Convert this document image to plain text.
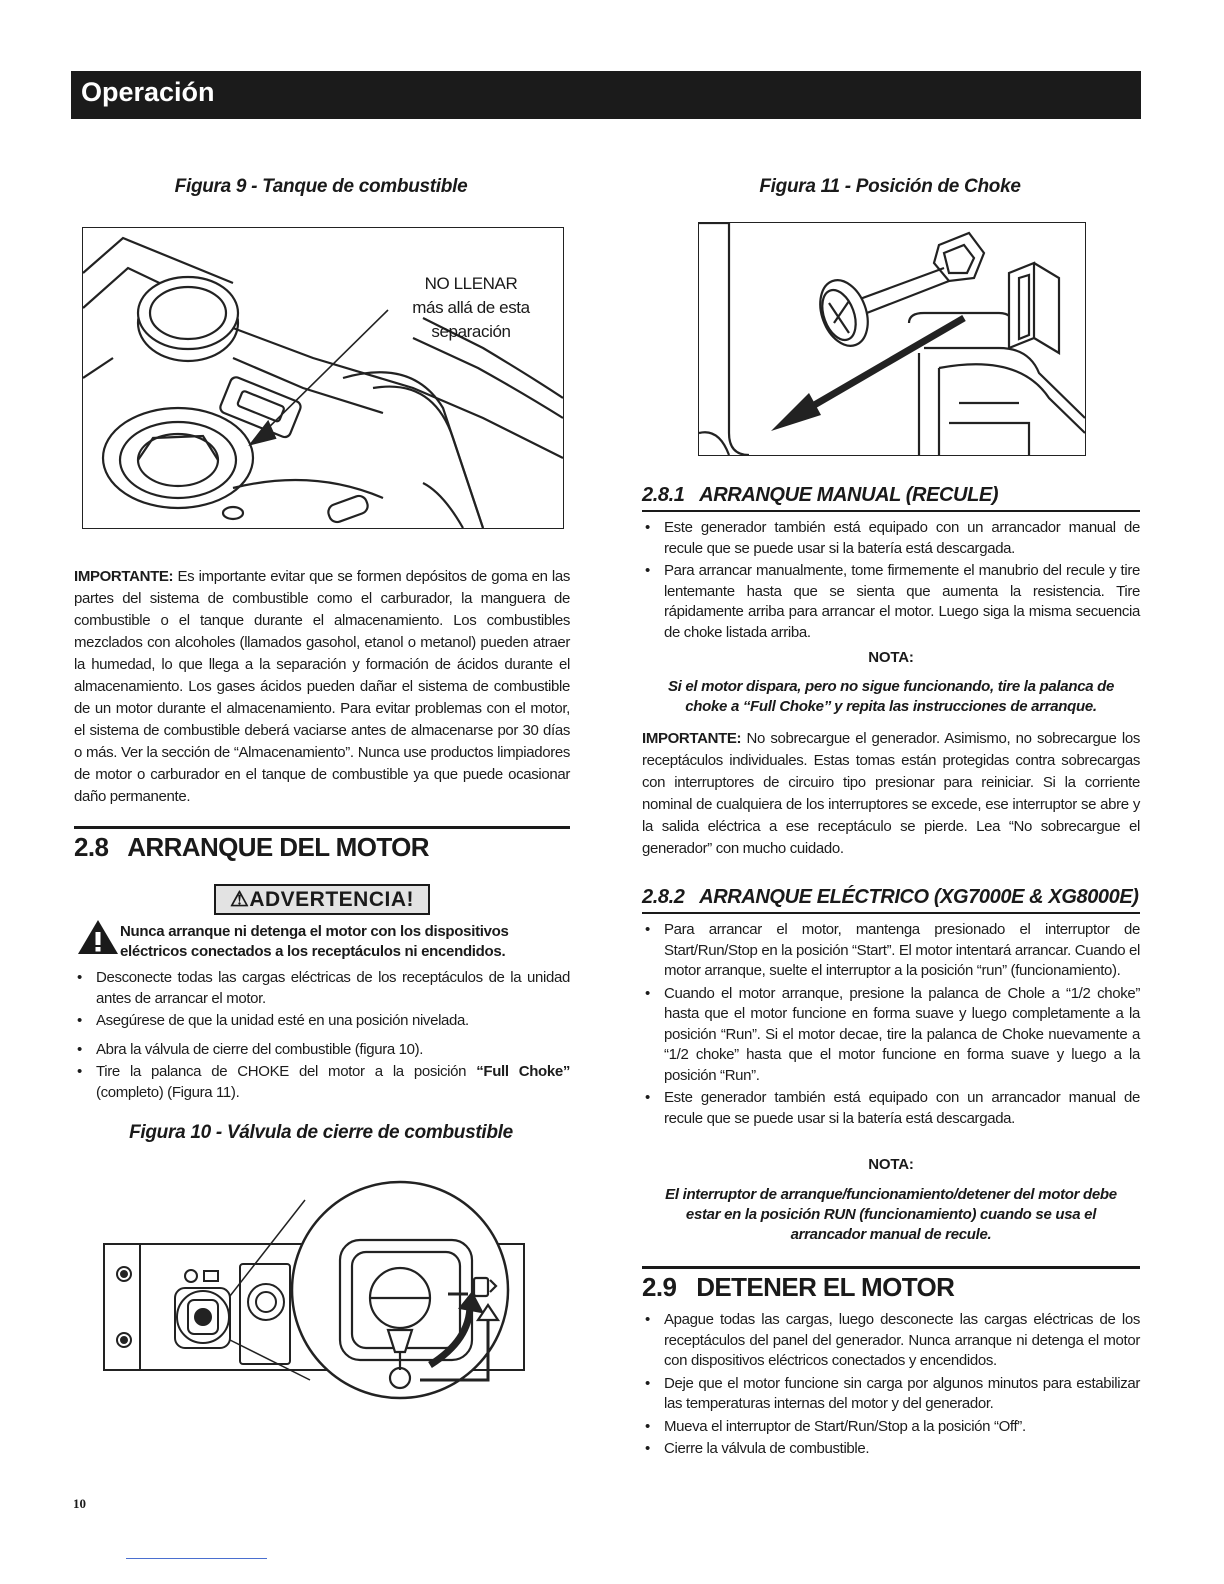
Operación
Figura 9 - Tanque de combustible
NO LLENAR
más allá de esta
separación
IMPORTANTE: Es importante evitar que se formen depósitos de goma en las partes del sistema de combustible como el carburador, la manguera de combustible o el tanque durante el almacenamiento. Los combustibles mezclados con alcoholes (llamados gasohol, etanol o metanol) pueden atraer la humedad, lo que llega a la separación y formación de ácidos durante el almacenamiento. Los gases ácidos pueden dañar el sistema de combustible de un motor durante el almacenamiento. Para evitar problemas con el motor, el sistema de combustible deberá vaciarse antes de almacenarse por 30 días o más. Ver la sección de “Almacenamiento”. Nunca use productos limpiadores de motor o carburador en el tanque de combustible ya que puede ocasionar daño permanente.
2.8   ARRANQUE DEL MOTOR
⚠ADVERTENCIA!
Nunca arranque ni detenga el motor con los dispositivos eléctricos conectados a los receptáculos ni encendidos.
• Desconecte todas las cargas eléctricas de los receptáculos de la unidad antes de arrancar el motor.
• Asegúrese de que la unidad esté en una posición nivelada.
• Abra la válvula de cierre del combustible (figura 10).
• Tire la palanca de CHOKE del motor a la posición “Full Choke” (completo) (Figura 11).
Figura 10 - Válvula de cierre de combustible
Figura 11 - Posición de Choke
2.8.1   ARRANQUE MANUAL (RECULE)
• Este generador también está equipado con un arrancador manual de recule que se puede usar si la batería está descargada.
• Para arrancar manualmente, tome firmemente el manubrio del recule y tire lentemante hasta que se sienta que aumenta la resistencia. Tire rápidamente arriba para arrancar el motor. Luego siga la misma secuencia de choke listada arriba.
NOTA:
Si el motor dispara, pero no sigue funcionando, tire la palanca de choke a ‘‘Full Choke’’ y repita las instrucciones de arranque.
IMPORTANTE: No sobrecargue el generador. Asimismo, no sobrecargue los receptáculos individuales. Estas tomas están protegidas contra sobrecargas con interruptores de circuiro tipo presionar para reiniciar. Si la corriente nominal de cualquiera de los interruptores se excede, ese interruptor se abre y la salida eléctrica a ese receptáculo se pierde. Lea “No sobrecargue el generador” con mucho cuidado.
2.8.2   ARRANQUE ELÉCTRICO (XG7000E & XG8000E)
• Para arrancar el motor, mantenga presionado el interruptor de Start/Run/Stop en la posición “Start”. El motor intentará arrancar. Cuando el motor arranque, suelte el interruptor a la posición “run” (funcionamiento).
• Cuando el motor arranque, presione la palanca de Chole a “1/2 choke” hasta que el motor funcione en forma suave y luego completamente a la posición “Run”. Si el motor decae, tire la palanca de Choke nuevamente a “1/2 choke” hasta que el motor funcione en forma suave y luego a la posición “Run”.
• Este generador también está equipado con un arrancador manual de recule que se puede usar si la batería está descargada.
NOTA:
El interruptor de arranque/funcionamiento/detener del motor debe estar en la posición RUN (funcionamiento) cuando se usa el arrancador manual de recule.
2.9   DETENER EL MOTOR
• Apague todas las cargas, luego desconecte las cargas eléctricas de los receptáculos del panel del generador. Nunca arranque ni detenga el motor con dispositivos eléctricos conectados y encendidos.
• Deje que el motor funcione sin carga por algunos minutos para estabilizar las temperaturas internas del motor y del generador.
• Mueva el interruptor de Start/Run/Stop a la posición “Off”.
• Cierre la válvula de combustible.
10
